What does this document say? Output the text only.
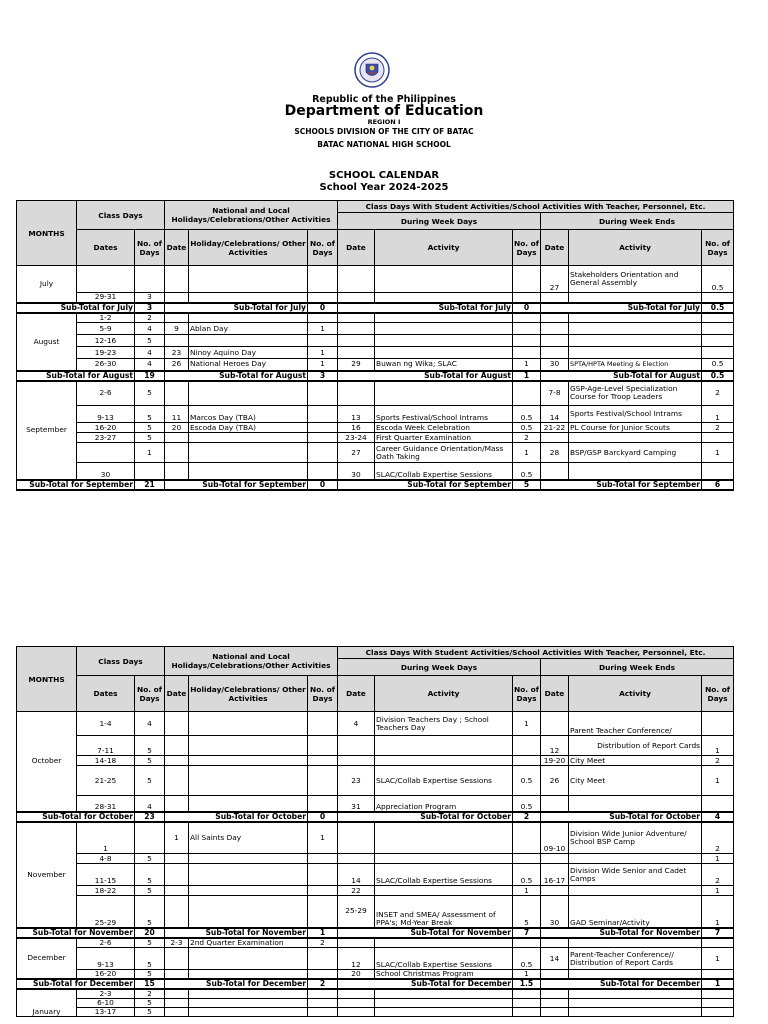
Republic of the Philippines
Department of Education
REGION I
SCHOOLS DIVISION OF THE CITY OF BATAC
BATAC NATIONAL HIGH SCHOOL
SCHOOL CALENDAR
School Year 2024-2025
MONTHS	Class Days		National and Local Holidays/Celebrations/Other Activities			Class Days With Student Activities/School Activities With Teacher, Personnel, Etc.					
						During Week Days			During Week Ends		
	Dates	No. of Days	Date	Holiday/Celebrations/ Other Activities	No. of Days	Date	Activity	No. of Days	Date	Activity	No. of Days
July									27	Stakeholders Orientation and General Assembly	0.5
	29-31	3									
Sub-Total for July		3	Sub-Total for July		0	Sub-Total for July		0	Sub-Total for July		0.5
August	1-2	2									
	5-9	4	9	Ablan Day	1						
	12-16	5									
	19-23	4	23	Ninoy Aquino Day	1						
	26-30	4	26	National Heroes Day	1	29	Buwan ng Wika; SLAC	1	30	SPTA/HPTA Meeting & Election	0.5
Sub-Total for August		19	Sub-Total for August		3	Sub-Total for August		1	Sub-Total for August		0.5
September	2-6	5							7-8	GSP-Age-Level Specialization Course for Troop Leaders	2
	9-13	5	11	Marcos Day (TBA)		13	Sports Festival/School Intrams	0.5	14	Sports Festival/School Intrams	1
	16-20	5	20	Escoda Day (TBA)		16	Escoda Week Celebration	0.5	21-22	PL Course for Junior Scouts	2
	23-27	5				23-24	First Quarter Examination	2			
		1				27	Career Guidance Orientation/Mass Oath Taking	1	28	BSP/GSP Barckyard Camping	1
	30					30	SLAC/Collab Expertise Sessions	0.5			
Sub-Total for September		21	Sub-Total for September		0	Sub-Total for September		5	Sub-Total for September		6
MONTHS	Class Days		National and Local Holidays/Celebrations/Other Activities			Class Days With Student Activities/School Activities With Teacher, Personnel, Etc.					
						During Week Days			During Week Ends		
	Dates	No. of Days	Date	Holiday/Celebrations/ Other Activities	No. of Days	Date	Activity	No. of Days	Date	Activity	No. of Days
October	1-4	4				4	Division Teachers Day ; School Teachers Day	1		Parent Teacher Conference/	
	7-11	5							12	Distribution of Report Cards	1
	14-18	5							19-20	City Meet	2
	21-25	5				23	SLAC/Collab Expertise Sessions	0.5	26	City Meet	1
	28-31	4				31	Appreciation Program	0.5			
Sub-Total for October		23	Sub-Total for October		0	Sub-Total for October		2	Sub-Total for October		4
November	1		1	All Saints Day	1				09-10	Division Wide Junior Adventure/ School BSP Camp	2
	4-8	5									1
	11-15	5				14	SLAC/Collab Expertise Sessions	0.5	16-17	Division Wide Senior and Cadet Camps	2
	18-22	5				22		1			1
	25-29	5				25-29	INSET and SMEA/ Assessment of PPA's; Md-Year Break	5	30	GAD Seminar/Activity	1
Sub-Total for November		20	Sub-Total for November		1	Sub-Total for November		7	Sub-Total for November		7
December	2-6	5	2-3	2nd Quarter Examination	2						
	9-13	5				12	SLAC/Collab Expertise Sessions	0.5	14	Parent-Teacher Conference// Distribution of Report Cards	1
	16-20	5				20	School Christmas Program	1			
Sub-Total for December		15	Sub-Total for December		2	Sub-Total for December		1.5	Sub-Total for December		1
January	2-3	2									
	6-10	5									
	13-17	5									
